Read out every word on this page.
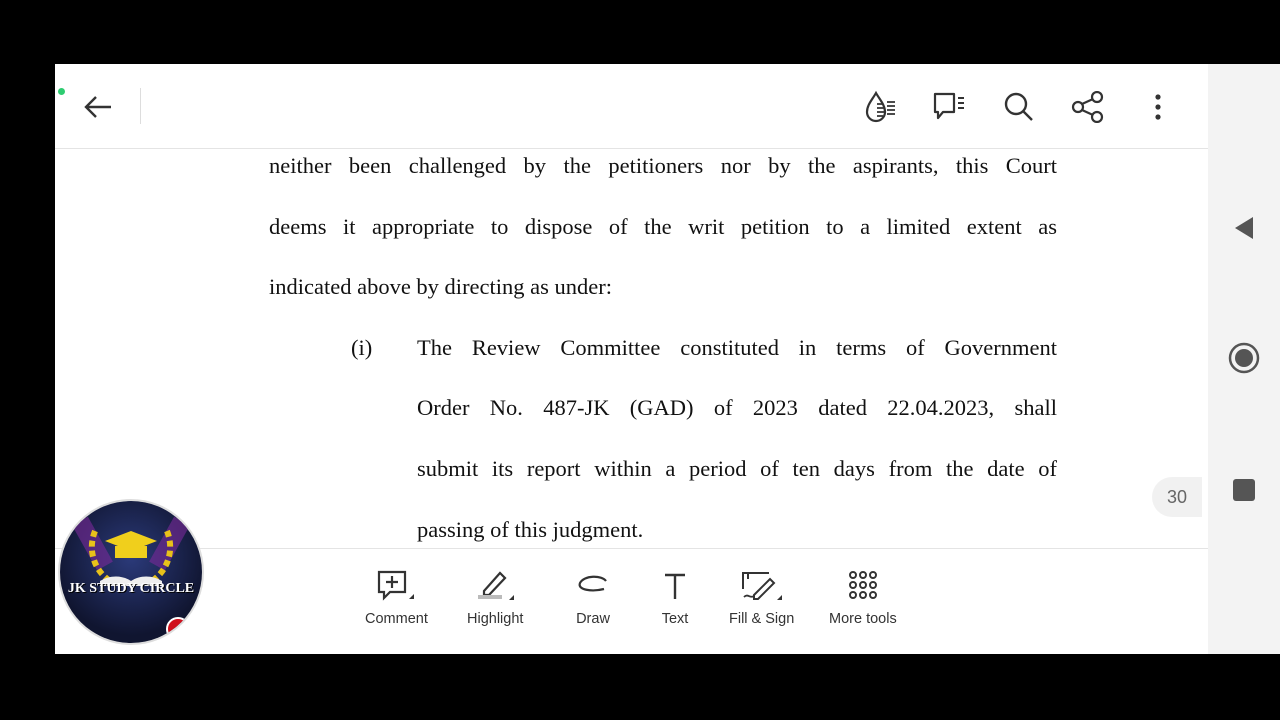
neither been challenged by the petitioners nor by the aspirants, this Court
deems it appropriate to dispose of the writ petition to a limited extent as
indicated above by directing as under:
(i) The Review Committee constituted in terms of Government
Order No. 487-JK (GAD) of 2023 dated 22.04.2023, shall
submit its report within a period of ten days from the date of
passing of this judgment.
30
Comment	Highlight	Draw	Text	Fill & Sign More tools
JK STUDY CIRCLE
